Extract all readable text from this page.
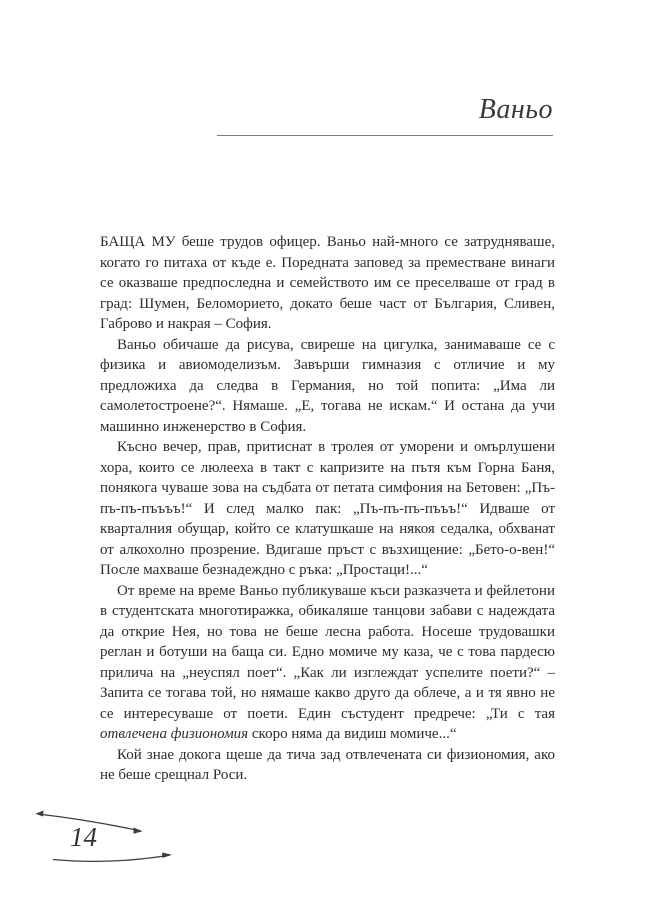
Ваньо

БАЩА МУ беше трудов офицер. Ваньо най-много се затрудняваше, когато го питаха от къде е. Поредната заповед за преместване винаги се оказваше предпоследна и семейството им се преселваше от град в град: Шумен, Беломорието, докато беше част от България, Сливен, Габрово и накрая – София.

Ваньо обичаше да рисува, свиреше на цигулка, занимаваше се с физика и авиомоделизъм. Завърши гимназия с отличие и му предложиха да следва в Германия, но той попита: „Има ли самолетостроене?“. Нямаше. „Е, тогава не искам.“ И остана да учи машинно инженерство в София.

Късно вечер, прав, притиснат в тролея от уморени и омърлушени хора, които се люлееха в такт с капризите на пътя към Горна Баня, понякога чуваше зова на съдбата от петата симфония на Бетовен: „Пъ-пъ-пъ-пъъъъ!“ И след малко пак: „Пъ-пъ-пъ-пъъъ!“ Идваше от кварталния обущар, който се клатушкаше на някоя седалка, обхванат от алкохолно прозрение. Вдигаше пръст с възхищение: „Бето-о-вен!“ После махваше безнадеждно с ръка: „Простаци!...“

От време на време Ваньо публикуваше къси разказчета и фейлетони в студентската многотиражка, обикаляше танцови забави с надеждата да открие Нея, но това не беше лесна работа. Носеше трудовашки реглан и ботуши на баща си. Едно момиче му каза, че с това пардесю прилича на „неуспял поет“. „Как ли изглеждат успелите поети?“ – Запита се тогава той, но нямаше какво друго да облече, а и тя явно не се интересуваше от поети. Един състудент предрече: „Ти с тая отвлечена физиономия скоро няма да видиш момиче...“

Кой знае докога щеше да тича зад отвлечената си физиономия, ако не беше срещнал Роси.

14
